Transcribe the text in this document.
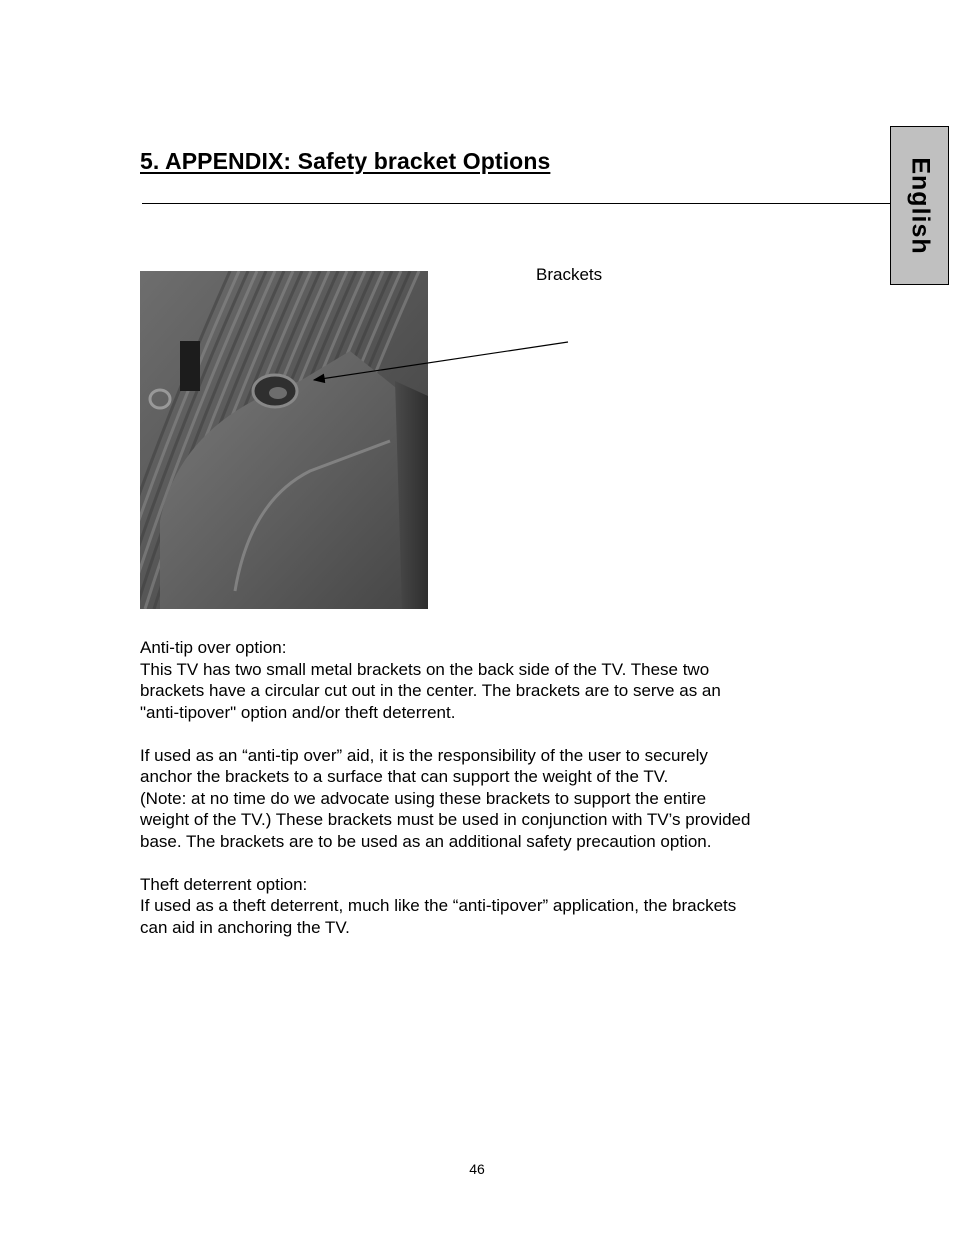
5. APPENDIX: Safety bracket Options	English
Brackets

Anti-tip over option:
This TV has two small metal brackets on the back side of the TV. These two
brackets have a circular cut out in the center. The brackets are to serve as an
"anti-tipover" option and/or theft deterrent.

If used as an “anti-tip over” aid, it is the responsibility of the user to securely
anchor the brackets to a surface that can support the weight of the TV.
(Note: at no time do we advocate using these brackets to support the entire
weight of the TV.) These brackets must be used in conjunction with TV’s provided
base. The brackets are to be used as an additional safety precaution option.

Theft deterrent option:
If used as a theft deterrent, much like the “anti-tipover” application, the brackets
can aid in anchoring the TV.

46
